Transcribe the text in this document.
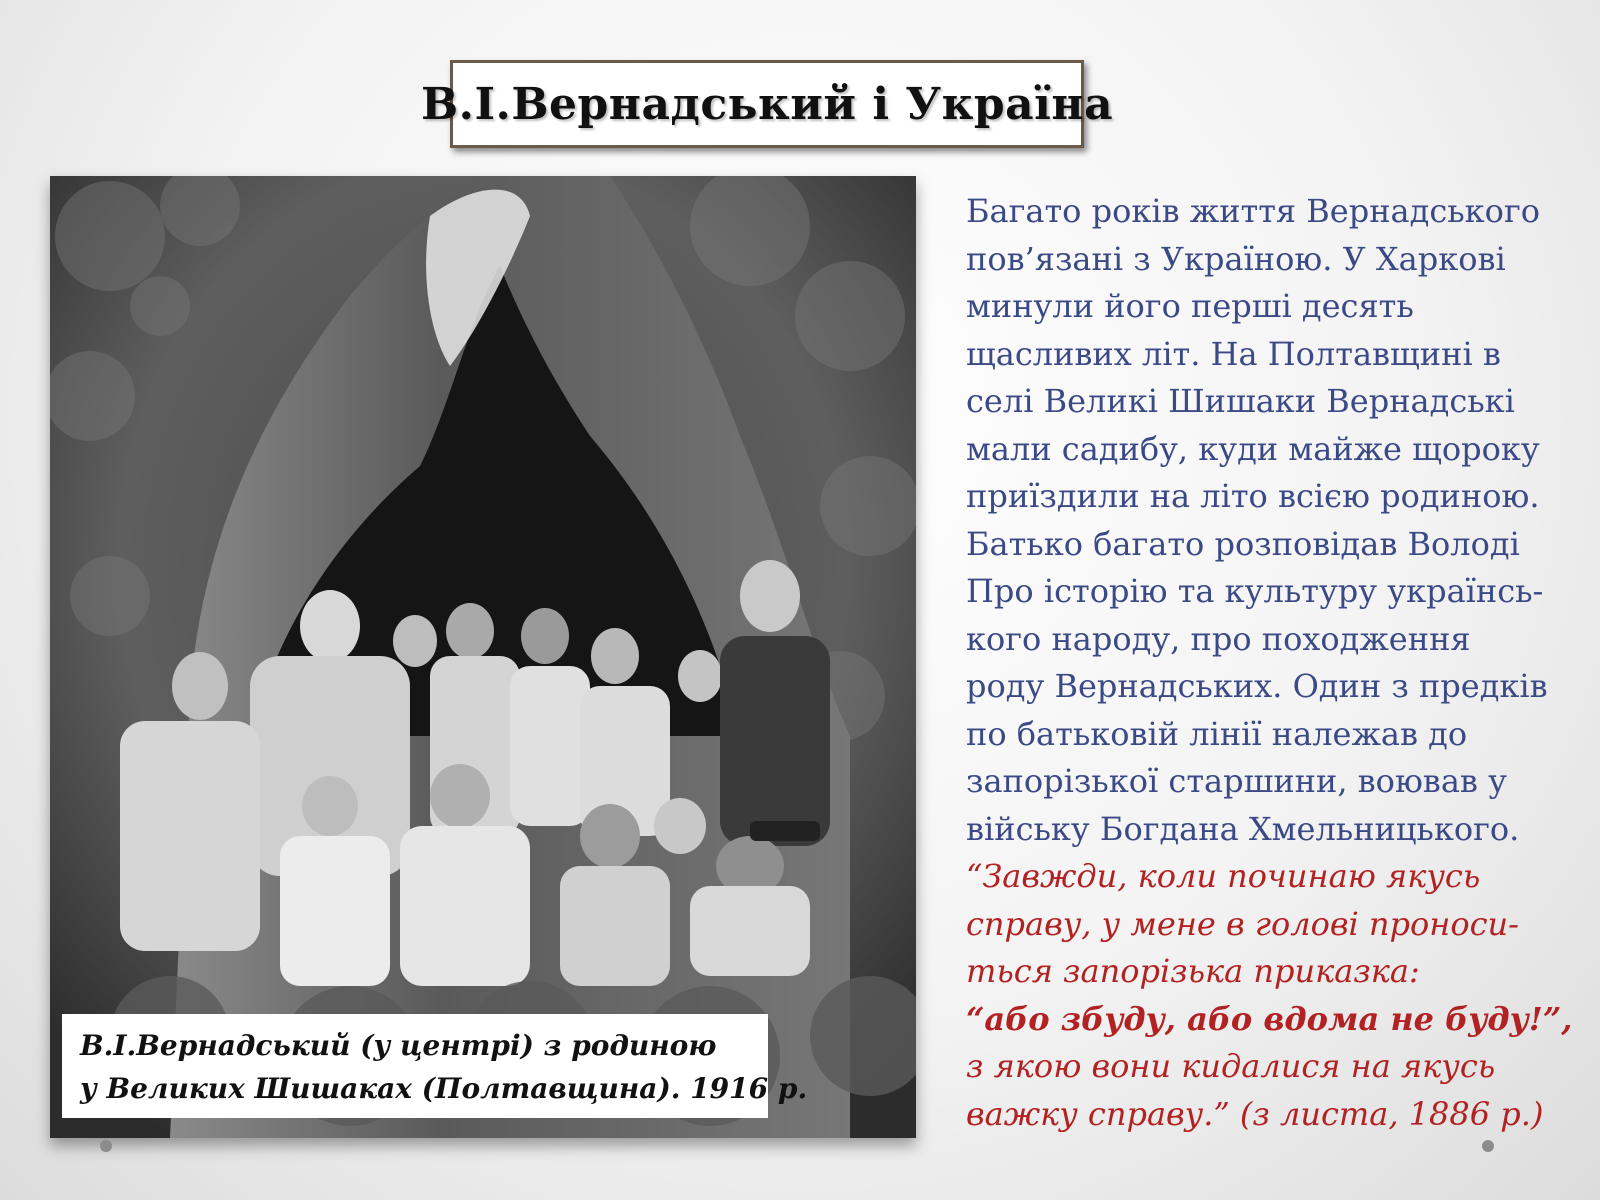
В.І.Вернадський і Україна
В.І.Вернадський (у центрі) з родиною
у Великих Шишаках (Полтавщина). 1916 р.
Багато років життя Вернадського
пов’язані з Україною. У Харкові
минули його перші десять
щасливих літ. На Полтавщині в
селі Великі Шишаки Вернадські
мали садибу, куди майже щороку
приїздили на літо всією родиною.
Батько багато розповідав Володі
Про історію та культуру українсь-
кого народу, про походження
роду Вернадських. Один з предків
по батьковій лінії належав до
запорізької старшини, воював у
війську Богдана Хмельницького.
“Завжди, коли починаю якусь
справу, у мене в голові проноси-
ться запорізька приказка:
“або збуду, або вдома не буду!”,
з якою вони кидалися на якусь
важку справу.” (з листа, 1886 р.)
